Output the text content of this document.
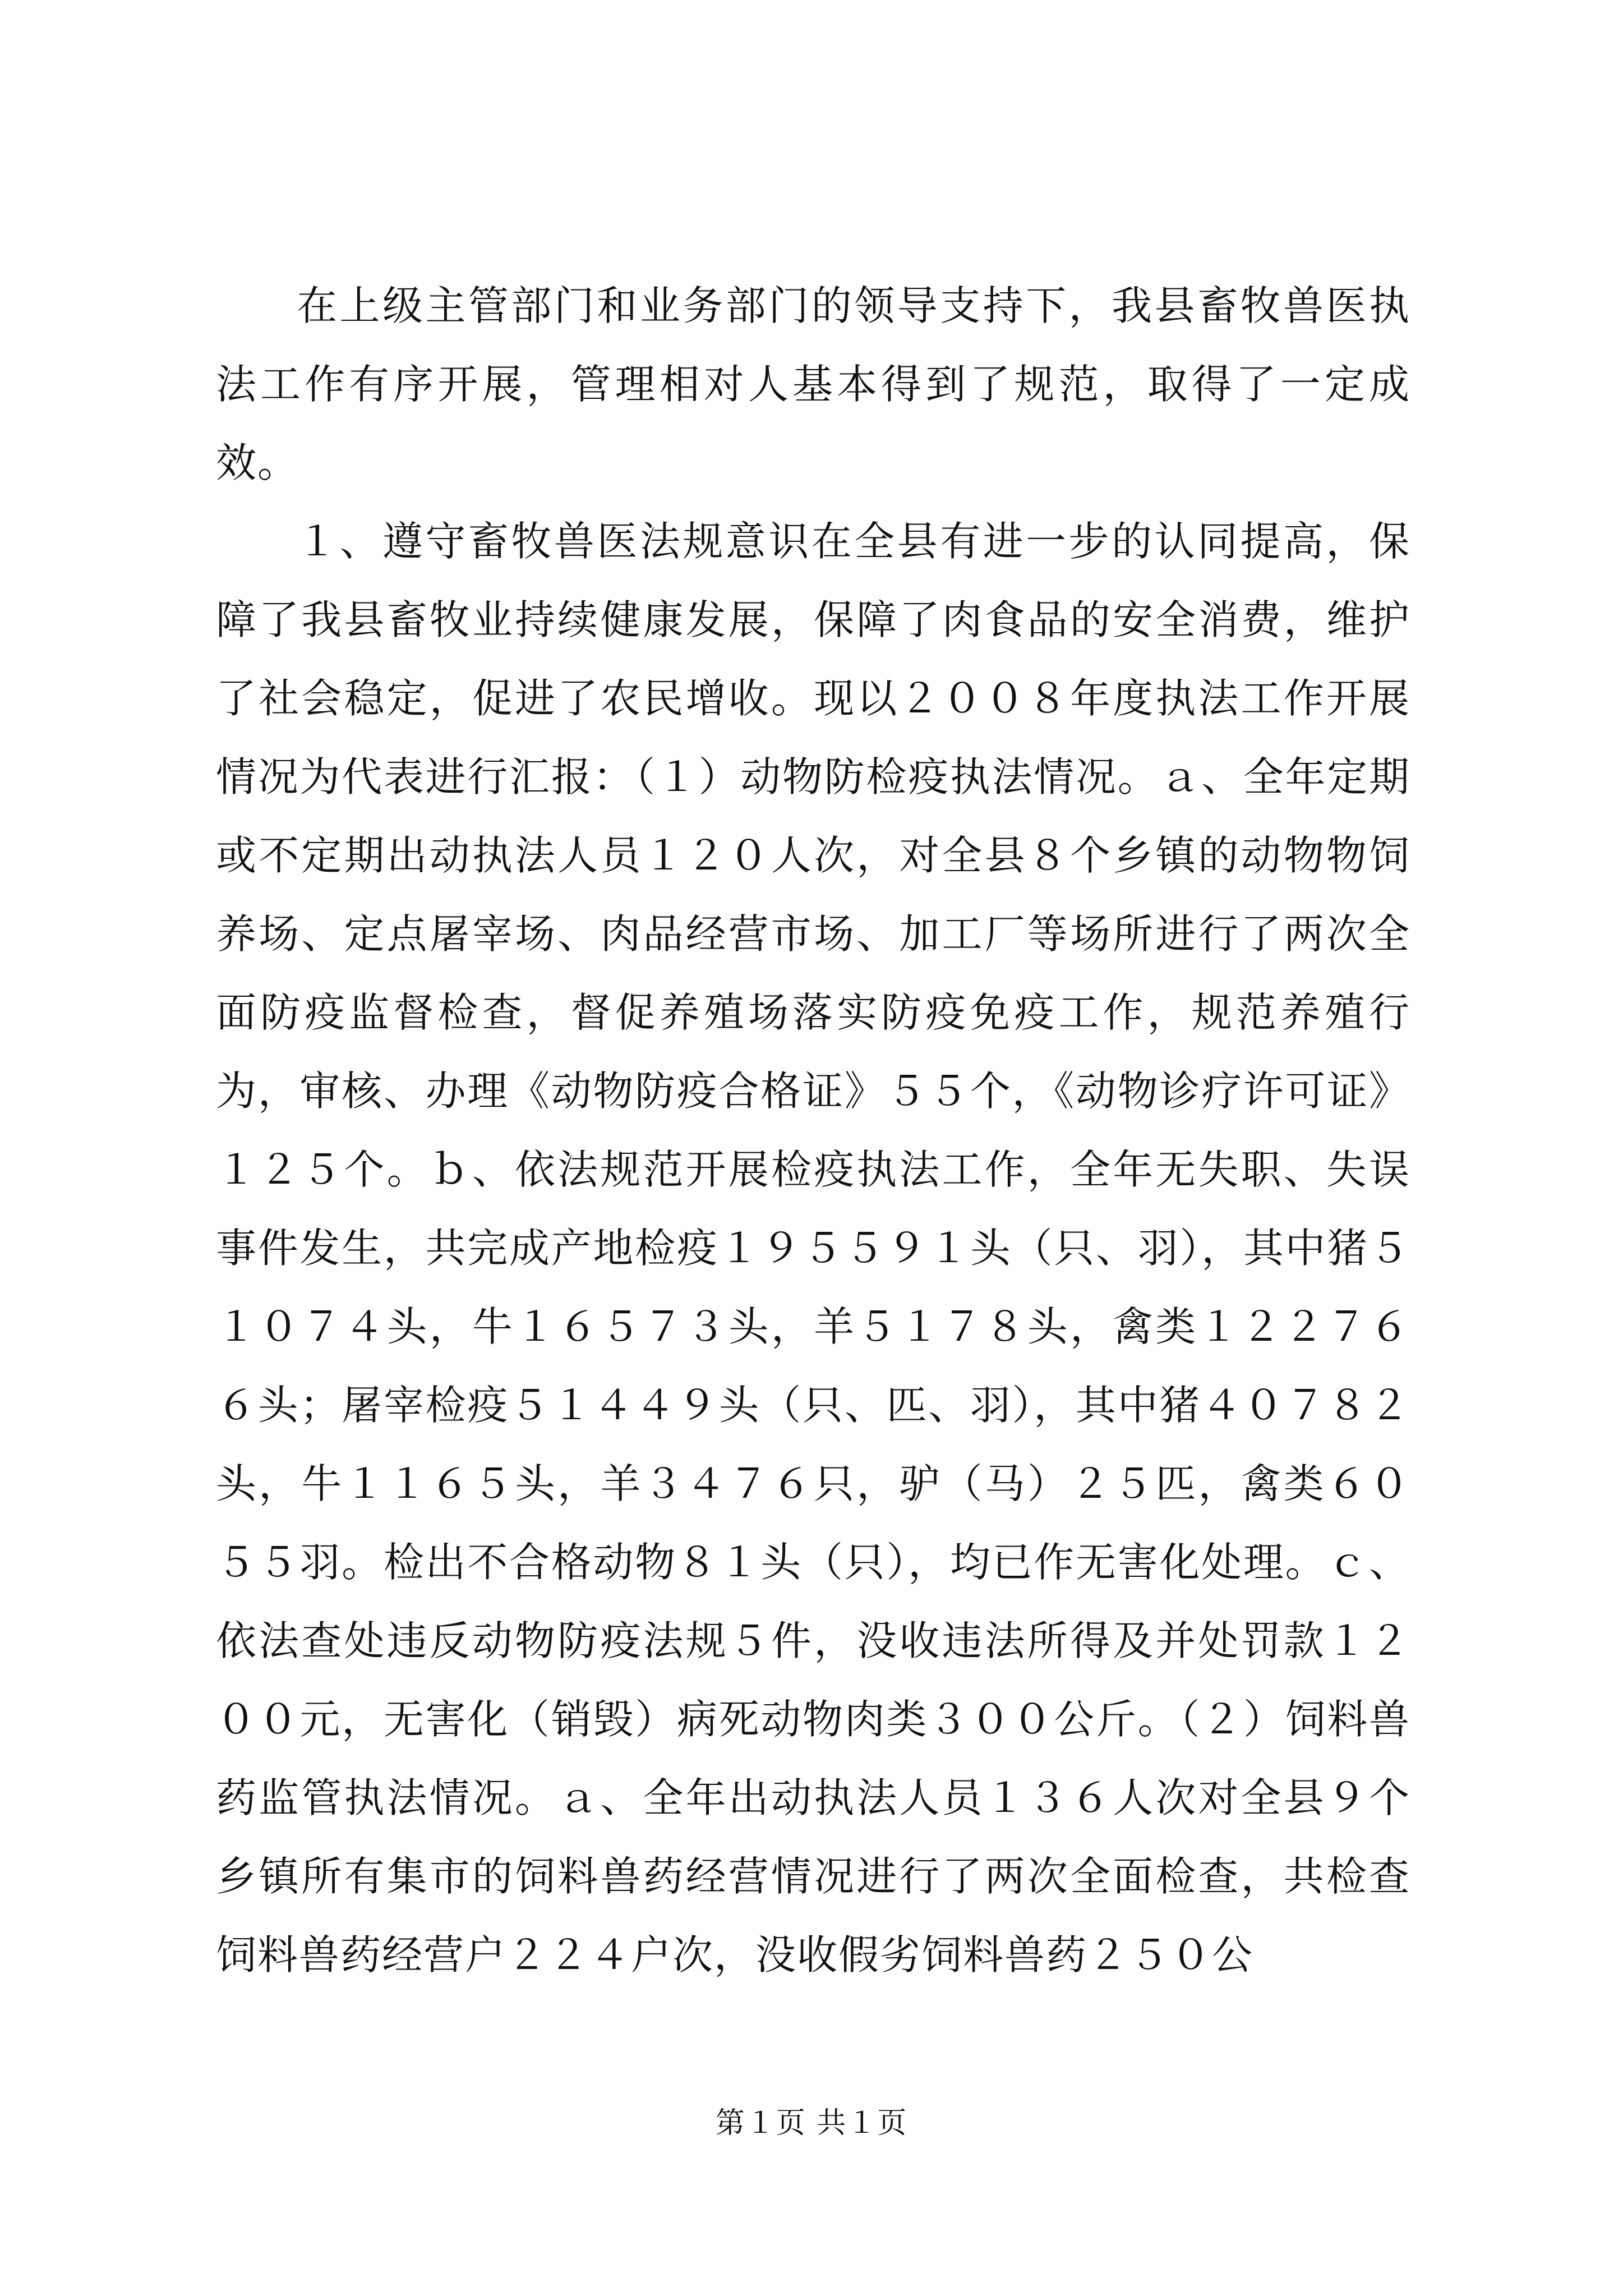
在上级主管部门和业务部门的领导支持下，我县畜牧兽医执法工作有序开展，管理相对人基本得到了规范，取得了一定成效。

１、遵守畜牧兽医法规意识在全县有进一步的认同提高，保障了我县畜牧业持续健康发展，保障了肉食品的安全消费，维护了社会稳定，促进了农民增收。现以２００８年度执法工作开展情况为代表进行汇报：（１）动物防检疫执法情况。ａ、全年定期或不定期出动执法人员１２０人次，对全县８个乡镇的动物物饲养场、定点屠宰场、肉品经营市场、加工厂等场所进行了两次全面防疫监督检查，督促养殖场落实防疫免疫工作，规范养殖行为，审核、办理《动物防疫合格证》５５个，《动物诊疗许可证》１２５个。ｂ、依法规范开展检疫执法工作，全年无失职、失误事件发生，共完成产地检疫１９５５９１头（只、羽），其中猪５１０７４头，牛１６５７３头，羊５１７８头，禽类１２２７６６头；屠宰检疫５１４４９头（只、匹、羽），其中猪４０７８２头，牛１１６５头，羊３４７６只，驴（马）２５匹，禽类６０５５羽。检出不合格动物８１头（只），均已作无害化处理。ｃ、依法查处违反动物防疫法规５件，没收违法所得及并处罚款１２００元，无害化（销毁）病死动物肉类３００公斤。（２）饲料兽药监管执法情况。ａ、全年出动执法人员１３６人次对全县９个乡镇所有集市的饲料兽药经营情况进行了两次全面检查，共检查饲料兽药经营户２２４户次，没收假劣饲料兽药２５０公

第１页 共１页
